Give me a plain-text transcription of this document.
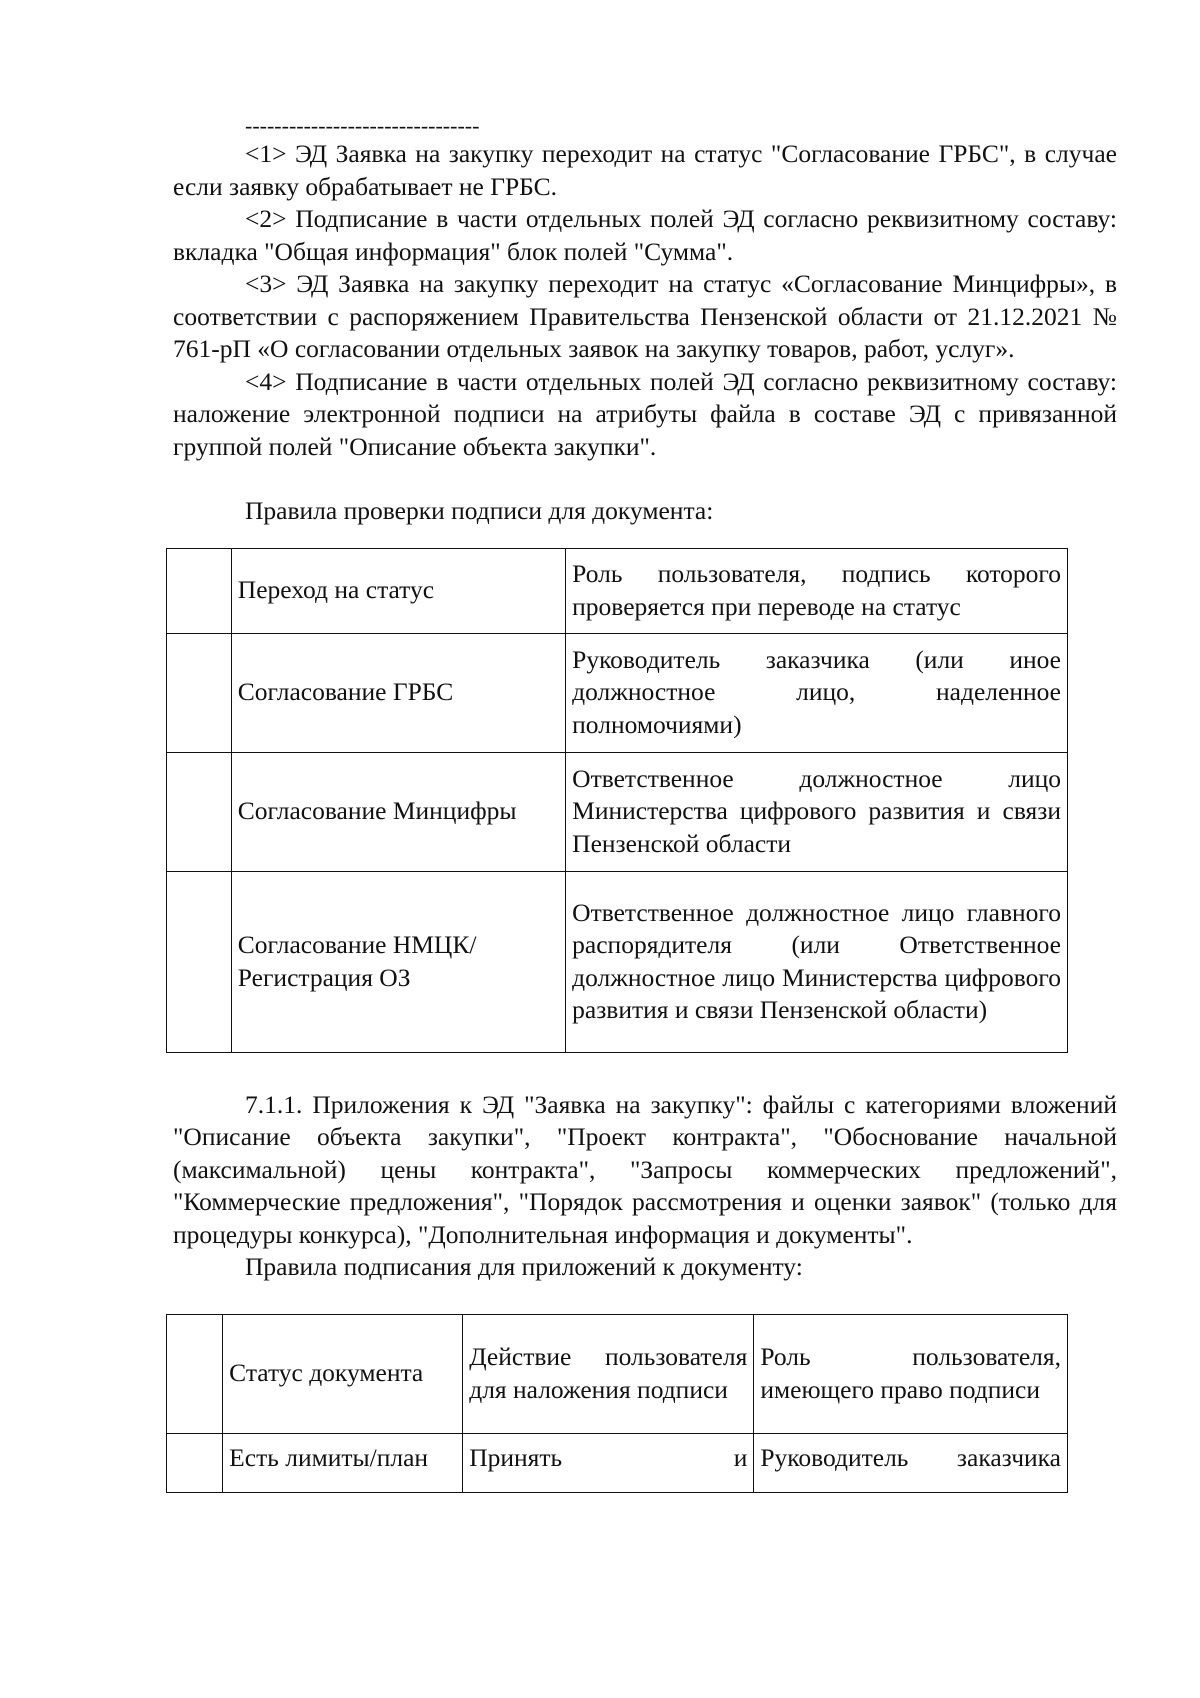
--------------------------------

<1> ЭД Заявка на закупку переходит на статус "Согласование ГРБС", в случае если заявку обрабатывает не ГРБС.

<2> Подписание в части отдельных полей ЭД согласно реквизитному составу: вкладка "Общая информация" блок полей "Сумма".

<3> ЭД Заявка на закупку переходит на статус «Согласование Минцифры», в соответствии с распоряжением Правительства Пензенской области от 21.12.2021 № 761-рП «О согласовании отдельных заявок на закупку товаров, работ, услуг».

<4> Подписание в части отдельных полей ЭД согласно реквизитному составу: наложение электронной подписи на атрибуты файла в составе ЭД с привязанной группой полей "Описание объекта закупки".

Правила проверки подписи для документа:

	Переход на статус	Роль пользователя, подпись которого проверяется при переводе на статус
	Согласование ГРБС	Руководитель заказчика (или иное должностное лицо, наделенное полномочиями)
	Согласование Минцифры	Ответственное должностное лицо Министерства цифрового развития и связи Пензенской области
	Согласование НМЦК/Регистрация ОЗ	Ответственное должностное лицо главного распорядителя (или Ответственное должностное лицо Министерства цифрового развития и связи Пензенской области)

7.1.1. Приложения к ЭД "Заявка на закупку": файлы с категориями вложений "Описание объекта закупки", "Проект контракта", "Обоснование начальной (максимальной) цены контракта", "Запросы коммерческих предложений", "Коммерческие предложения", "Порядок рассмотрения и оценки заявок" (только для процедуры конкурса), "Дополнительная информация и документы".

Правила подписания для приложений к документу:

	Статус документа	Действие пользователя для наложения подписи	Роль пользователя, имеющего право подписи
	Есть лимиты/план	Принять и	Руководитель заказчика
